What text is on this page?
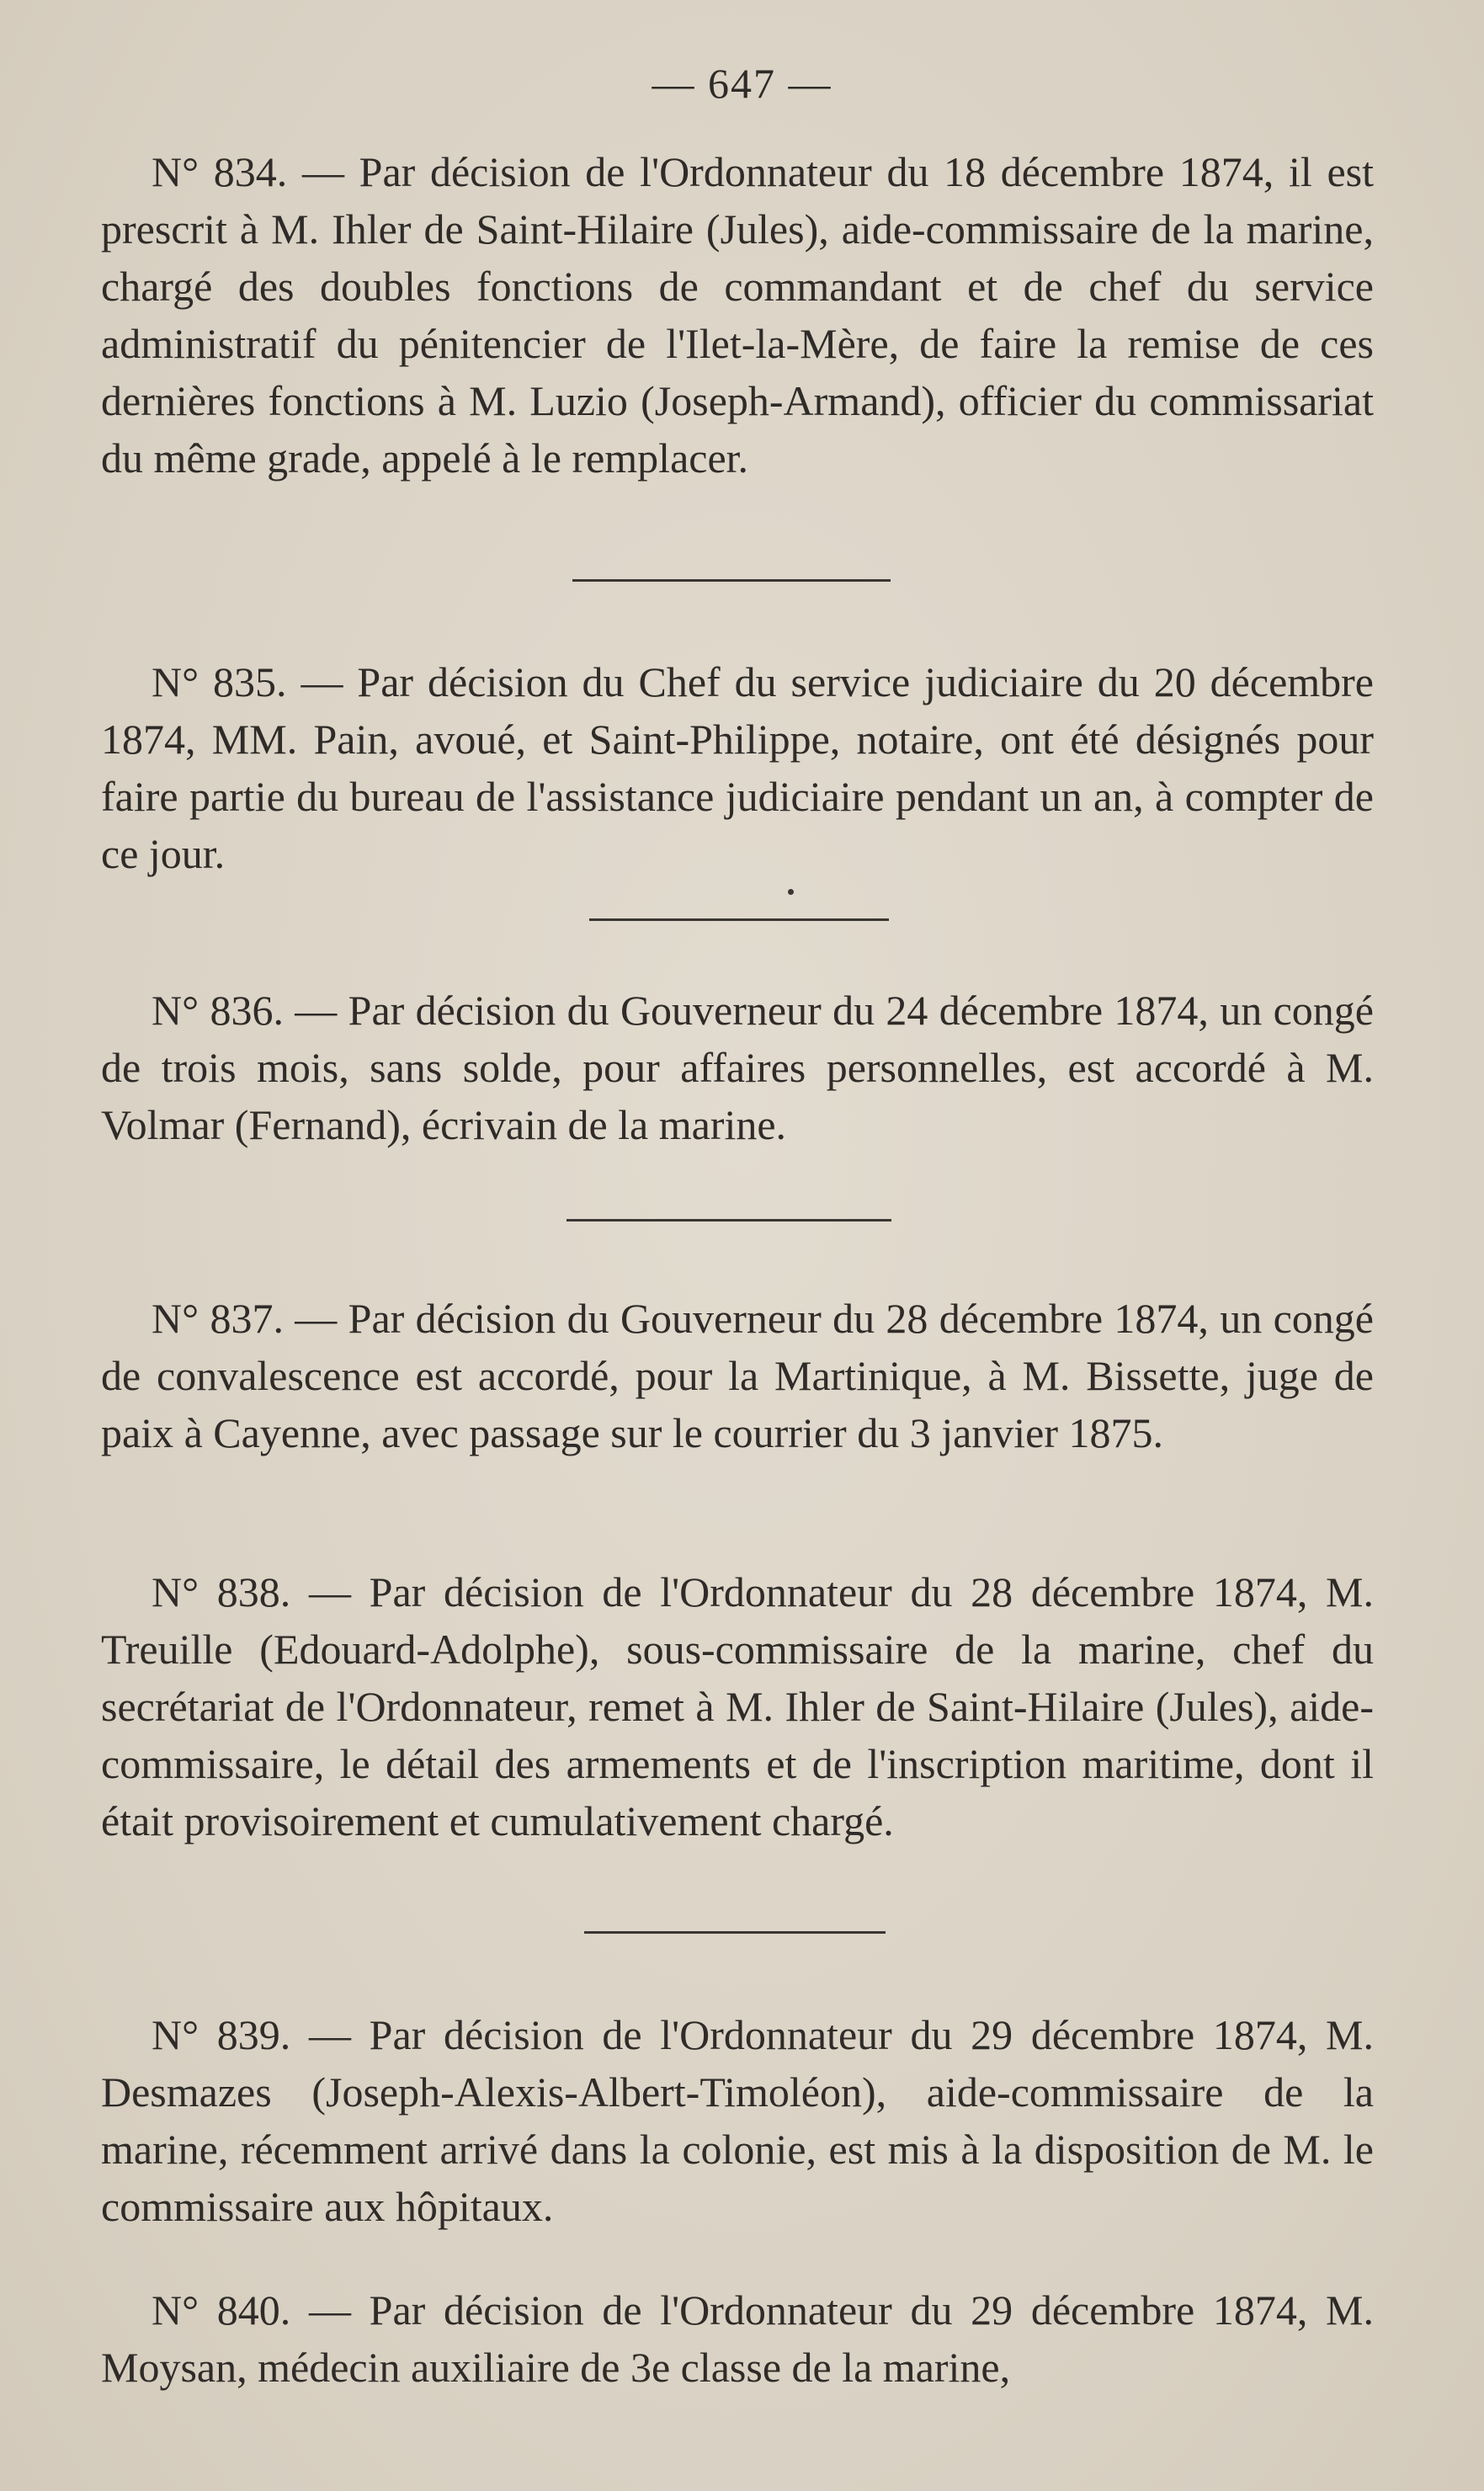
— 647 —

N° 834. — Par décision de l'Ordonnateur du 18 décembre 1874, il est prescrit à M. Ihler de Saint-Hilaire (Jules), aide-commissaire de la marine, chargé des doubles fonctions de commandant et de chef du service administratif du pénitencier de l'Ilet-la-Mère, de faire la remise de ces dernières fonctions à M. Luzio (Joseph-Armand), officier du commissariat du même grade, appelé à le remplacer.

N° 835. — Par décision du Chef du service judiciaire du 20 décembre 1874, MM. Pain, avoué, et Saint-Philippe, notaire, ont été désignés pour faire partie du bureau de l'assistance judiciaire pendant un an, à compter de ce jour.

N° 836. — Par décision du Gouverneur du 24 décembre 1874, un congé de trois mois, sans solde, pour affaires personnelles, est accordé à M. Volmar (Fernand), écrivain de la marine.

N° 837. — Par décision du Gouverneur du 28 décembre 1874, un congé de convalescence est accordé, pour la Martinique, à M. Bissette, juge de paix à Cayenne, avec passage sur le courrier du 3 janvier 1875.

N° 838. — Par décision de l'Ordonnateur du 28 décembre 1874, M. Treuille (Edouard-Adolphe), sous-commissaire de la marine, chef du secrétariat de l'Ordonnateur, remet à M. Ihler de Saint-Hilaire (Jules), aide-commissaire, le détail des armements et de l'inscription maritime, dont il était provisoirement et cumulativement chargé.

N° 839. — Par décision de l'Ordonnateur du 29 décembre 1874, M. Desmazes (Joseph-Alexis-Albert-Timoléon), aide-commissaire de la marine, récemment arrivé dans la colonie, est mis à la disposition de M. le commissaire aux hôpitaux.

N° 840. — Par décision de l'Ordonnateur du 29 décembre 1874, M. Moysan, médecin auxiliaire de 3e classe de la marine,
